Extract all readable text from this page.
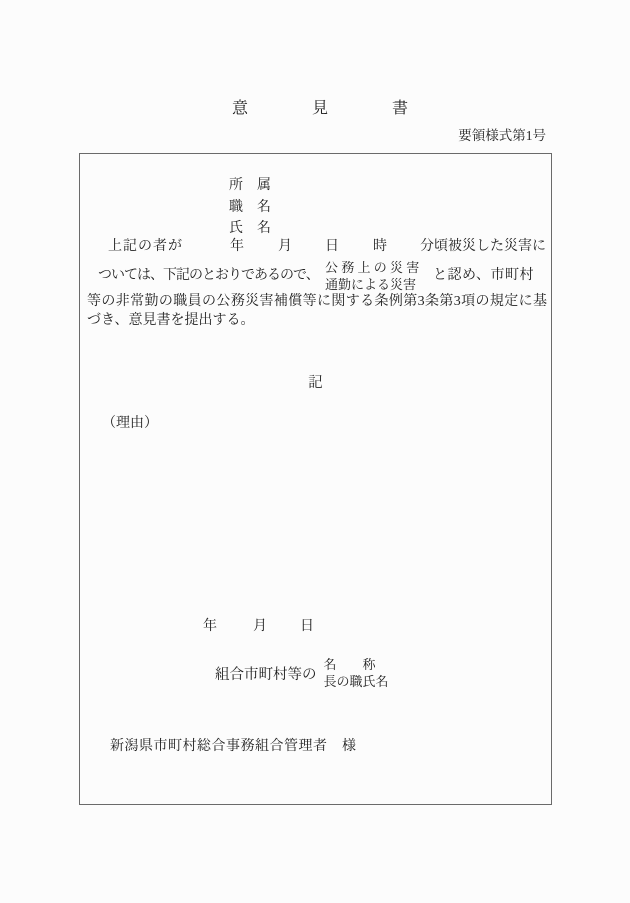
意	見	書
要領様式第1号
所　属
職　名
氏　名
上記の者が	年 月 日 時 分頃被災した災害に
ついては、下記のとおりであるので、
公 務 上 の 災 害
通勤による災害
と認め、市町村
等の非常勤の職員の公務災害補償等に関する条例第3条第3項の規定に基づき、意見書を提出する。
記
（理由）
年	月 日
組合市町村等の
名　　称
長の職氏名
新潟県市町村総合事務組合管理者　様
